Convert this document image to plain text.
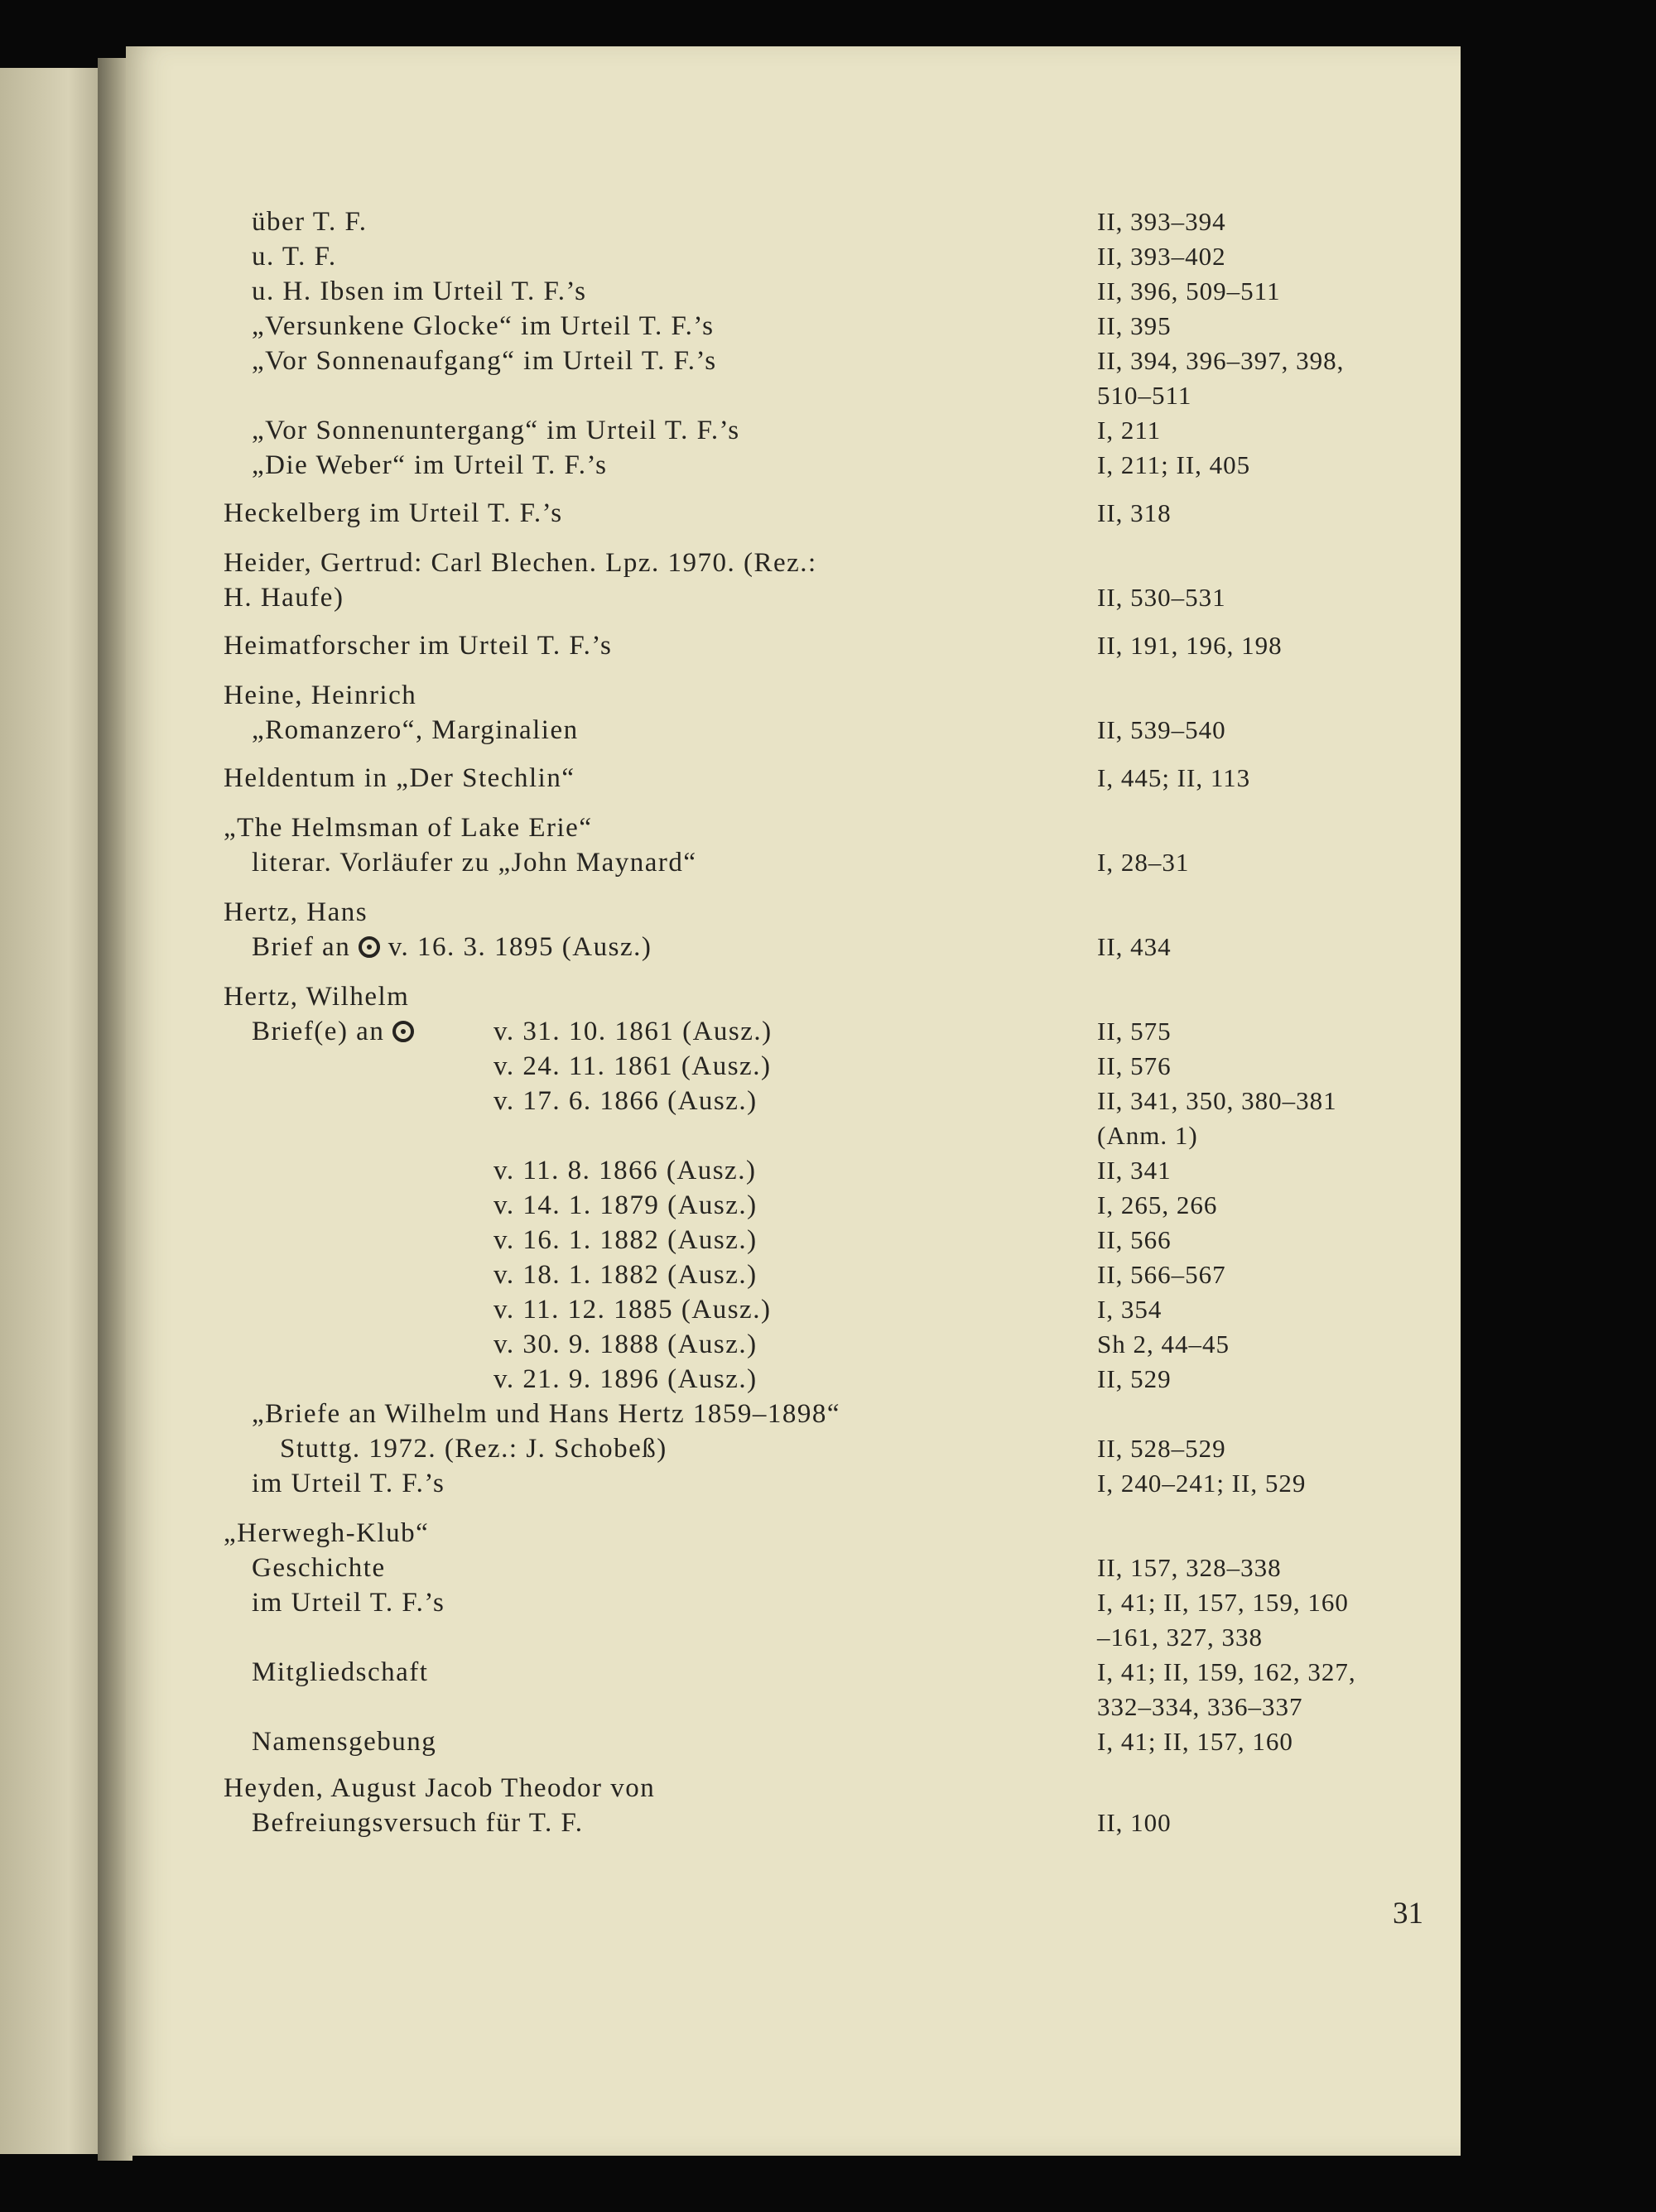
über T. F.	II, 393–394
u. T. F.	II, 393–402
u. H. Ibsen im Urteil T. F.’s	II, 396, 509–511
„Versunkene Glocke“ im Urteil T. F.’s	II, 395
„Vor Sonnenaufgang“ im Urteil T. F.’s	II, 394, 396–397, 398,
510–511
„Vor Sonnenuntergang“ im Urteil T. F.’s	I, 211
„Die Weber“ im Urteil T. F.’s	I, 211; II, 405
Heckelberg im Urteil T. F.’s	II, 318
Heider, Gertrud: Carl Blechen. Lpz. 1970. (Rez.:
H. Haufe)	II, 530–531
Heimatforscher im Urteil T. F.’s	II, 191, 196, 198
Heine, Heinrich
„Romanzero“, Marginalien	II, 539–540
Heldentum in „Der Stechlin“	I, 445; II, 113
„The Helmsman of Lake Erie“
literar. Vorläufer zu „John Maynard“	I, 28–31
Hertz, Hans
Brief an v. 16. 3. 1895 (Ausz.)	II, 434
Hertz, Wilhelm
Brief(e) an	v. 31. 10. 1861 (Ausz.)	II, 575
v. 24. 11. 1861 (Ausz.)	II, 576
v. 17. 6. 1866 (Ausz.)	II, 341, 350, 380–381
(Anm. 1)
v. 11. 8. 1866 (Ausz.)	II, 341
v. 14. 1. 1879 (Ausz.)	I, 265, 266
v. 16. 1. 1882 (Ausz.)	II, 566
v. 18. 1. 1882 (Ausz.)	II, 566–567
v. 11. 12. 1885 (Ausz.)	I, 354
v. 30. 9. 1888 (Ausz.)	Sh 2, 44–45
v. 21. 9. 1896 (Ausz.)	II, 529
„Briefe an Wilhelm und Hans Hertz 1859–1898“
Stuttg. 1972. (Rez.: J. Schobeß)	II, 528–529
im Urteil T. F.’s	I, 240–241; II, 529
„Herwegh-Klub“
Geschichte	II, 157, 328–338
im Urteil T. F.’s	I, 41; II, 157, 159, 160
–161, 327, 338
Mitgliedschaft	I, 41; II, 159, 162, 327,
332–334, 336–337
Namensgebung	I, 41; II, 157, 160
Heyden, August Jacob Theodor von
Befreiungsversuch für T. F.	II, 100
31
